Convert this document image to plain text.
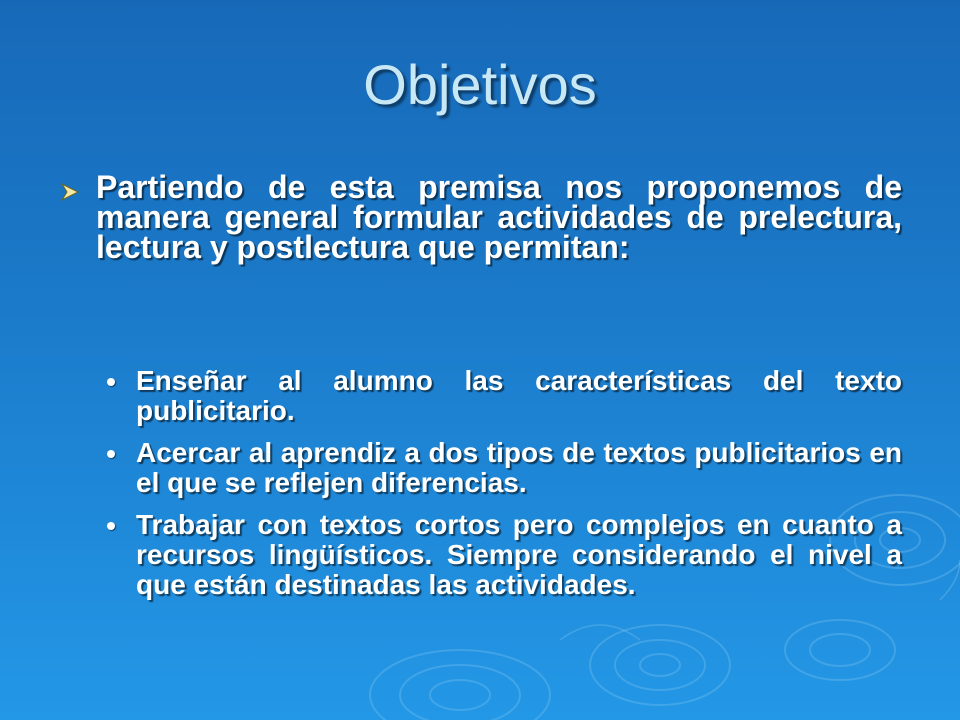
Objetivos
Partiendo de esta premisa nos proponemos de manera general formular actividades de prelectura, lectura y postlectura que permitan:
Enseñar al alumno las características del texto publicitario.
Acercar al aprendiz a dos tipos de textos publicitarios en el que se reflejen diferencias.
Trabajar con textos cortos pero complejos en cuanto a recursos lingüísticos. Siempre considerando el nivel a que están destinadas las actividades.
